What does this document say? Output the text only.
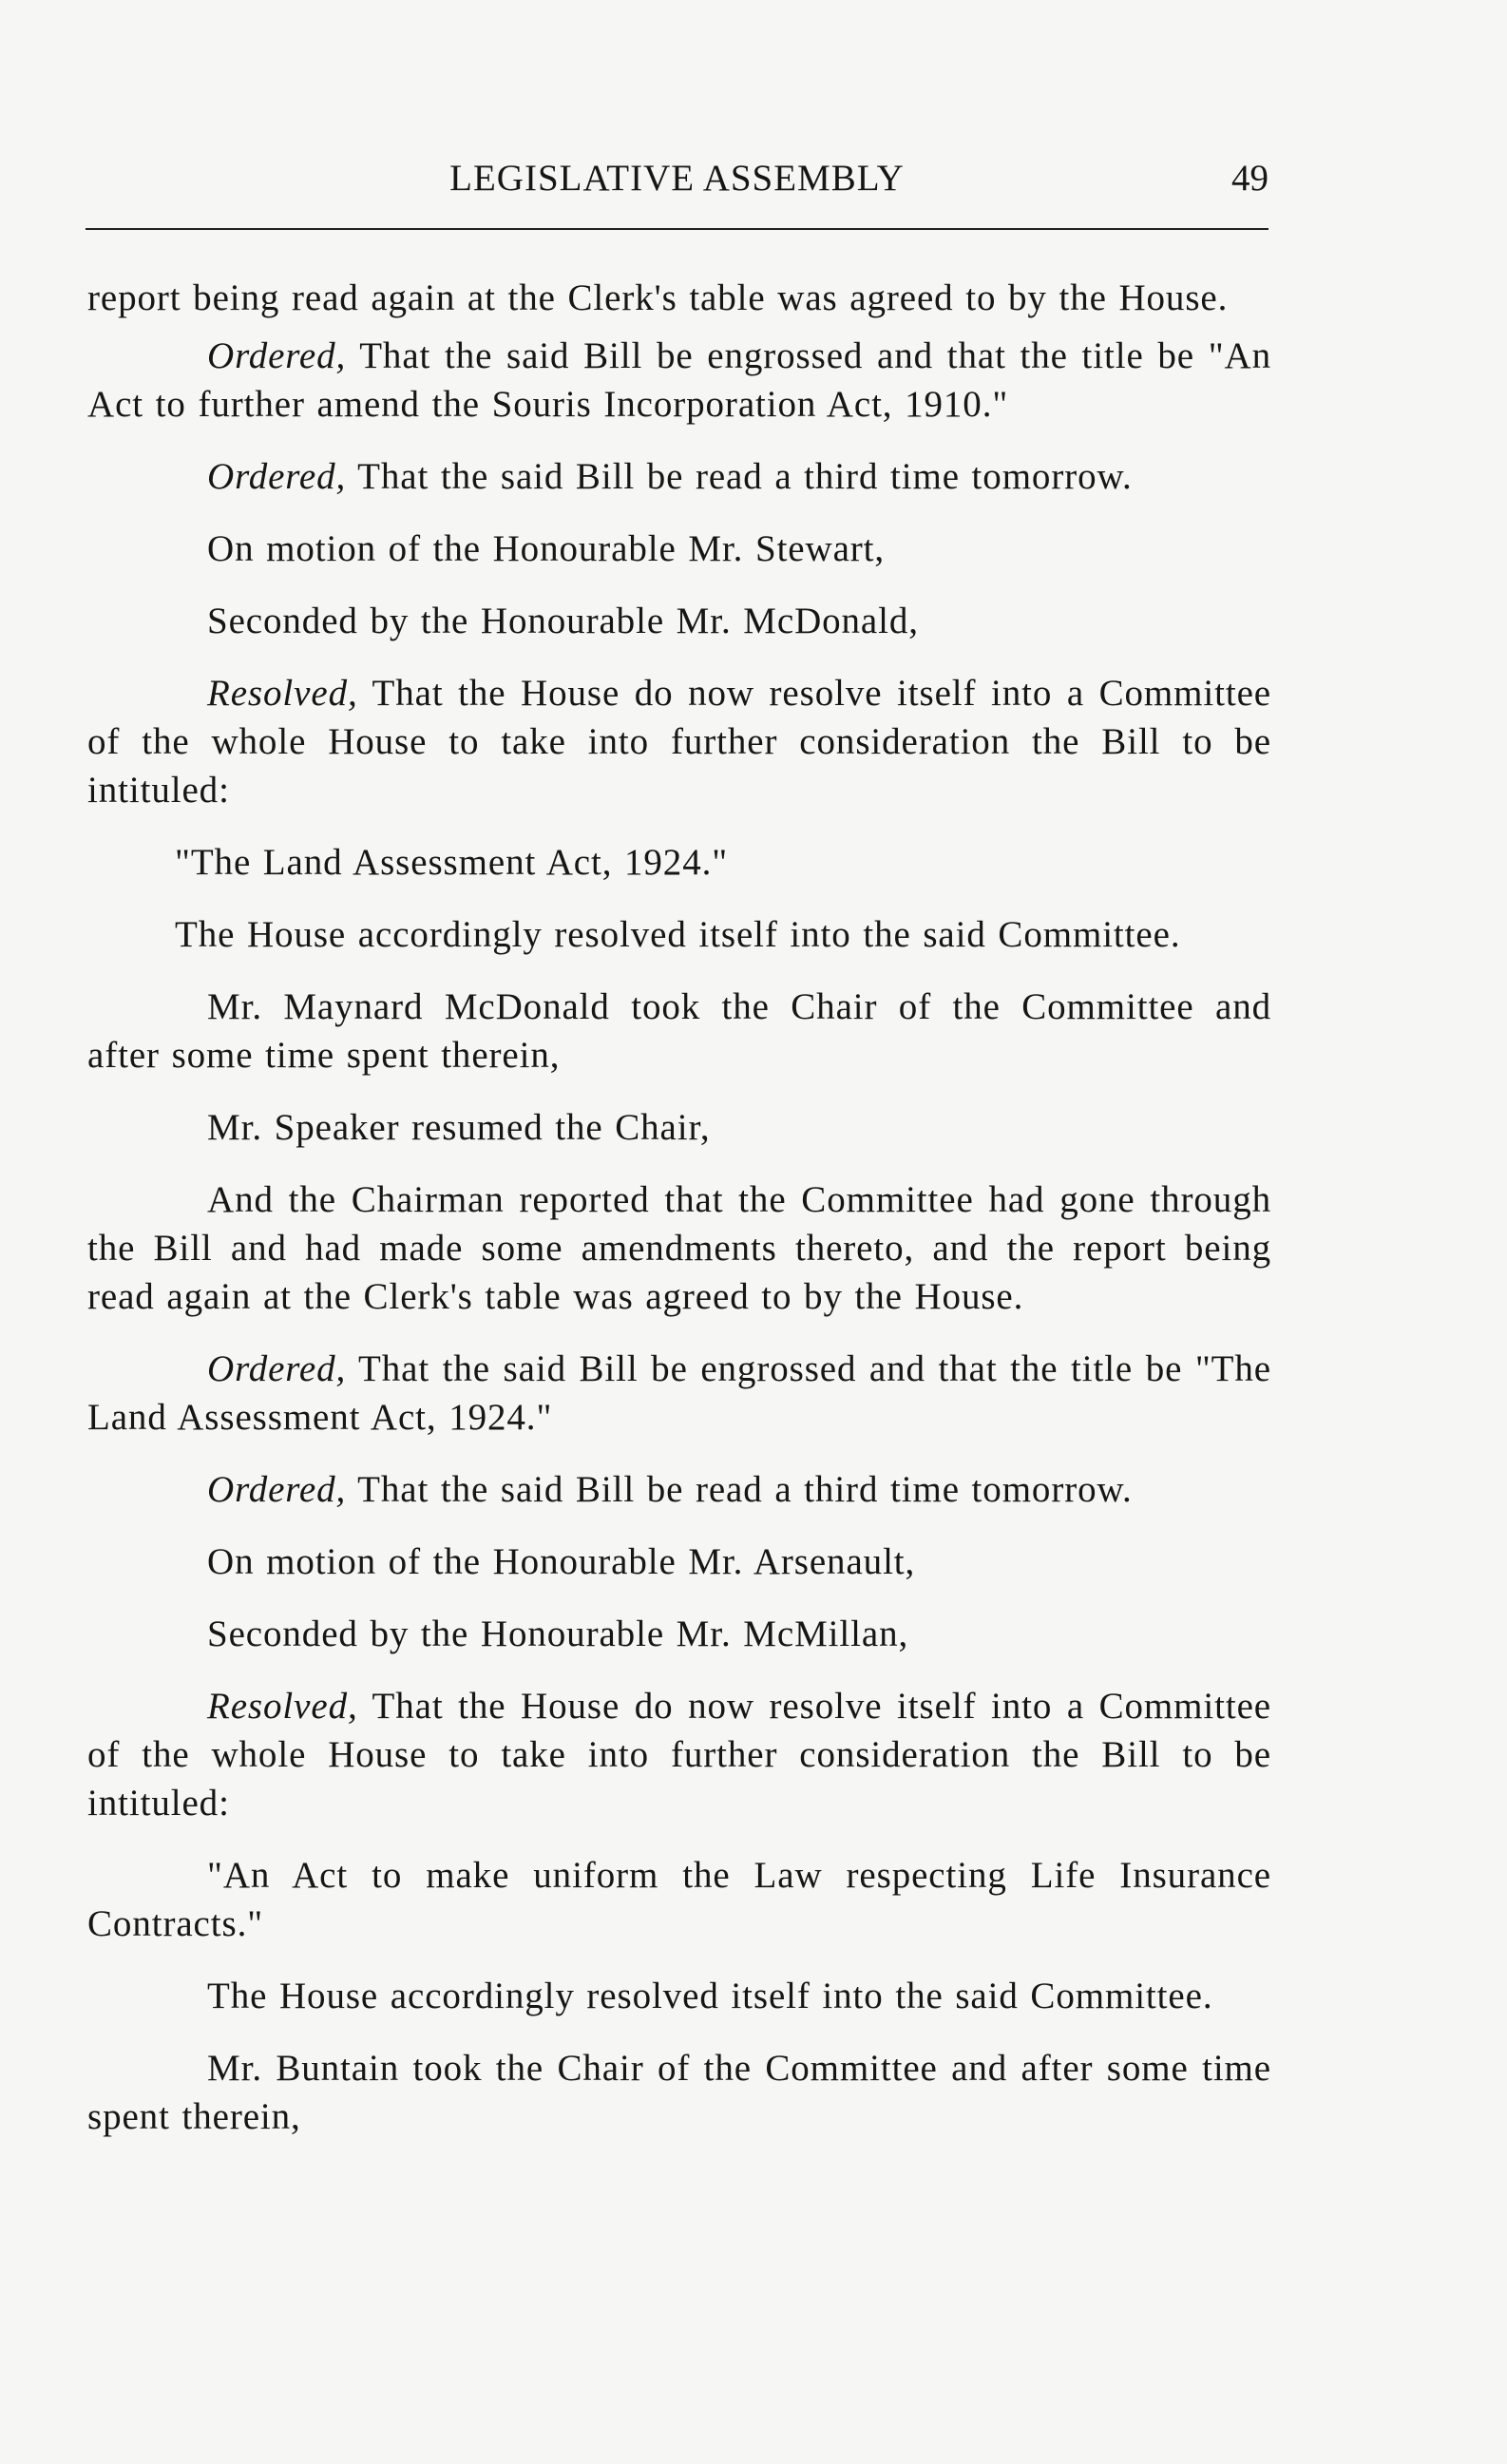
LEGISLATIVE ASSEMBLY	49

report being read again at the Clerk's table was agreed to by the House.

Ordered, That the said Bill be engrossed and that the title be "An Act to further amend the Souris Incorporation Act, 1910."

Ordered, That the said Bill be read a third time tomorrow.

On motion of the Honourable Mr. Stewart,

Seconded by the Honourable Mr. McDonald,

Resolved, That the House do now resolve itself into a Committee of the whole House to take into further consideration the Bill to be intituled:

"The Land Assessment Act, 1924."

The House accordingly resolved itself into the said Committee.

Mr. Maynard McDonald took the Chair of the Committee and after some time spent therein,

Mr. Speaker resumed the Chair,

And the Chairman reported that the Committee had gone through the Bill and had made some amendments thereto, and the report being read again at the Clerk's table was agreed to by the House.

Ordered, That the said Bill be engrossed and that the title be "The Land Assessment Act, 1924."

Ordered, That the said Bill be read a third time tomorrow.

On motion of the Honourable Mr. Arsenault,

Seconded by the Honourable Mr. McMillan,

Resolved, That the House do now resolve itself into a Committee of the whole House to take into further consideration the Bill to be intituled:

"An Act to make uniform the Law respecting Life Insurance Contracts."

The House accordingly resolved itself into the said Committee.

Mr. Buntain took the Chair of the Committee and after some time spent therein,
